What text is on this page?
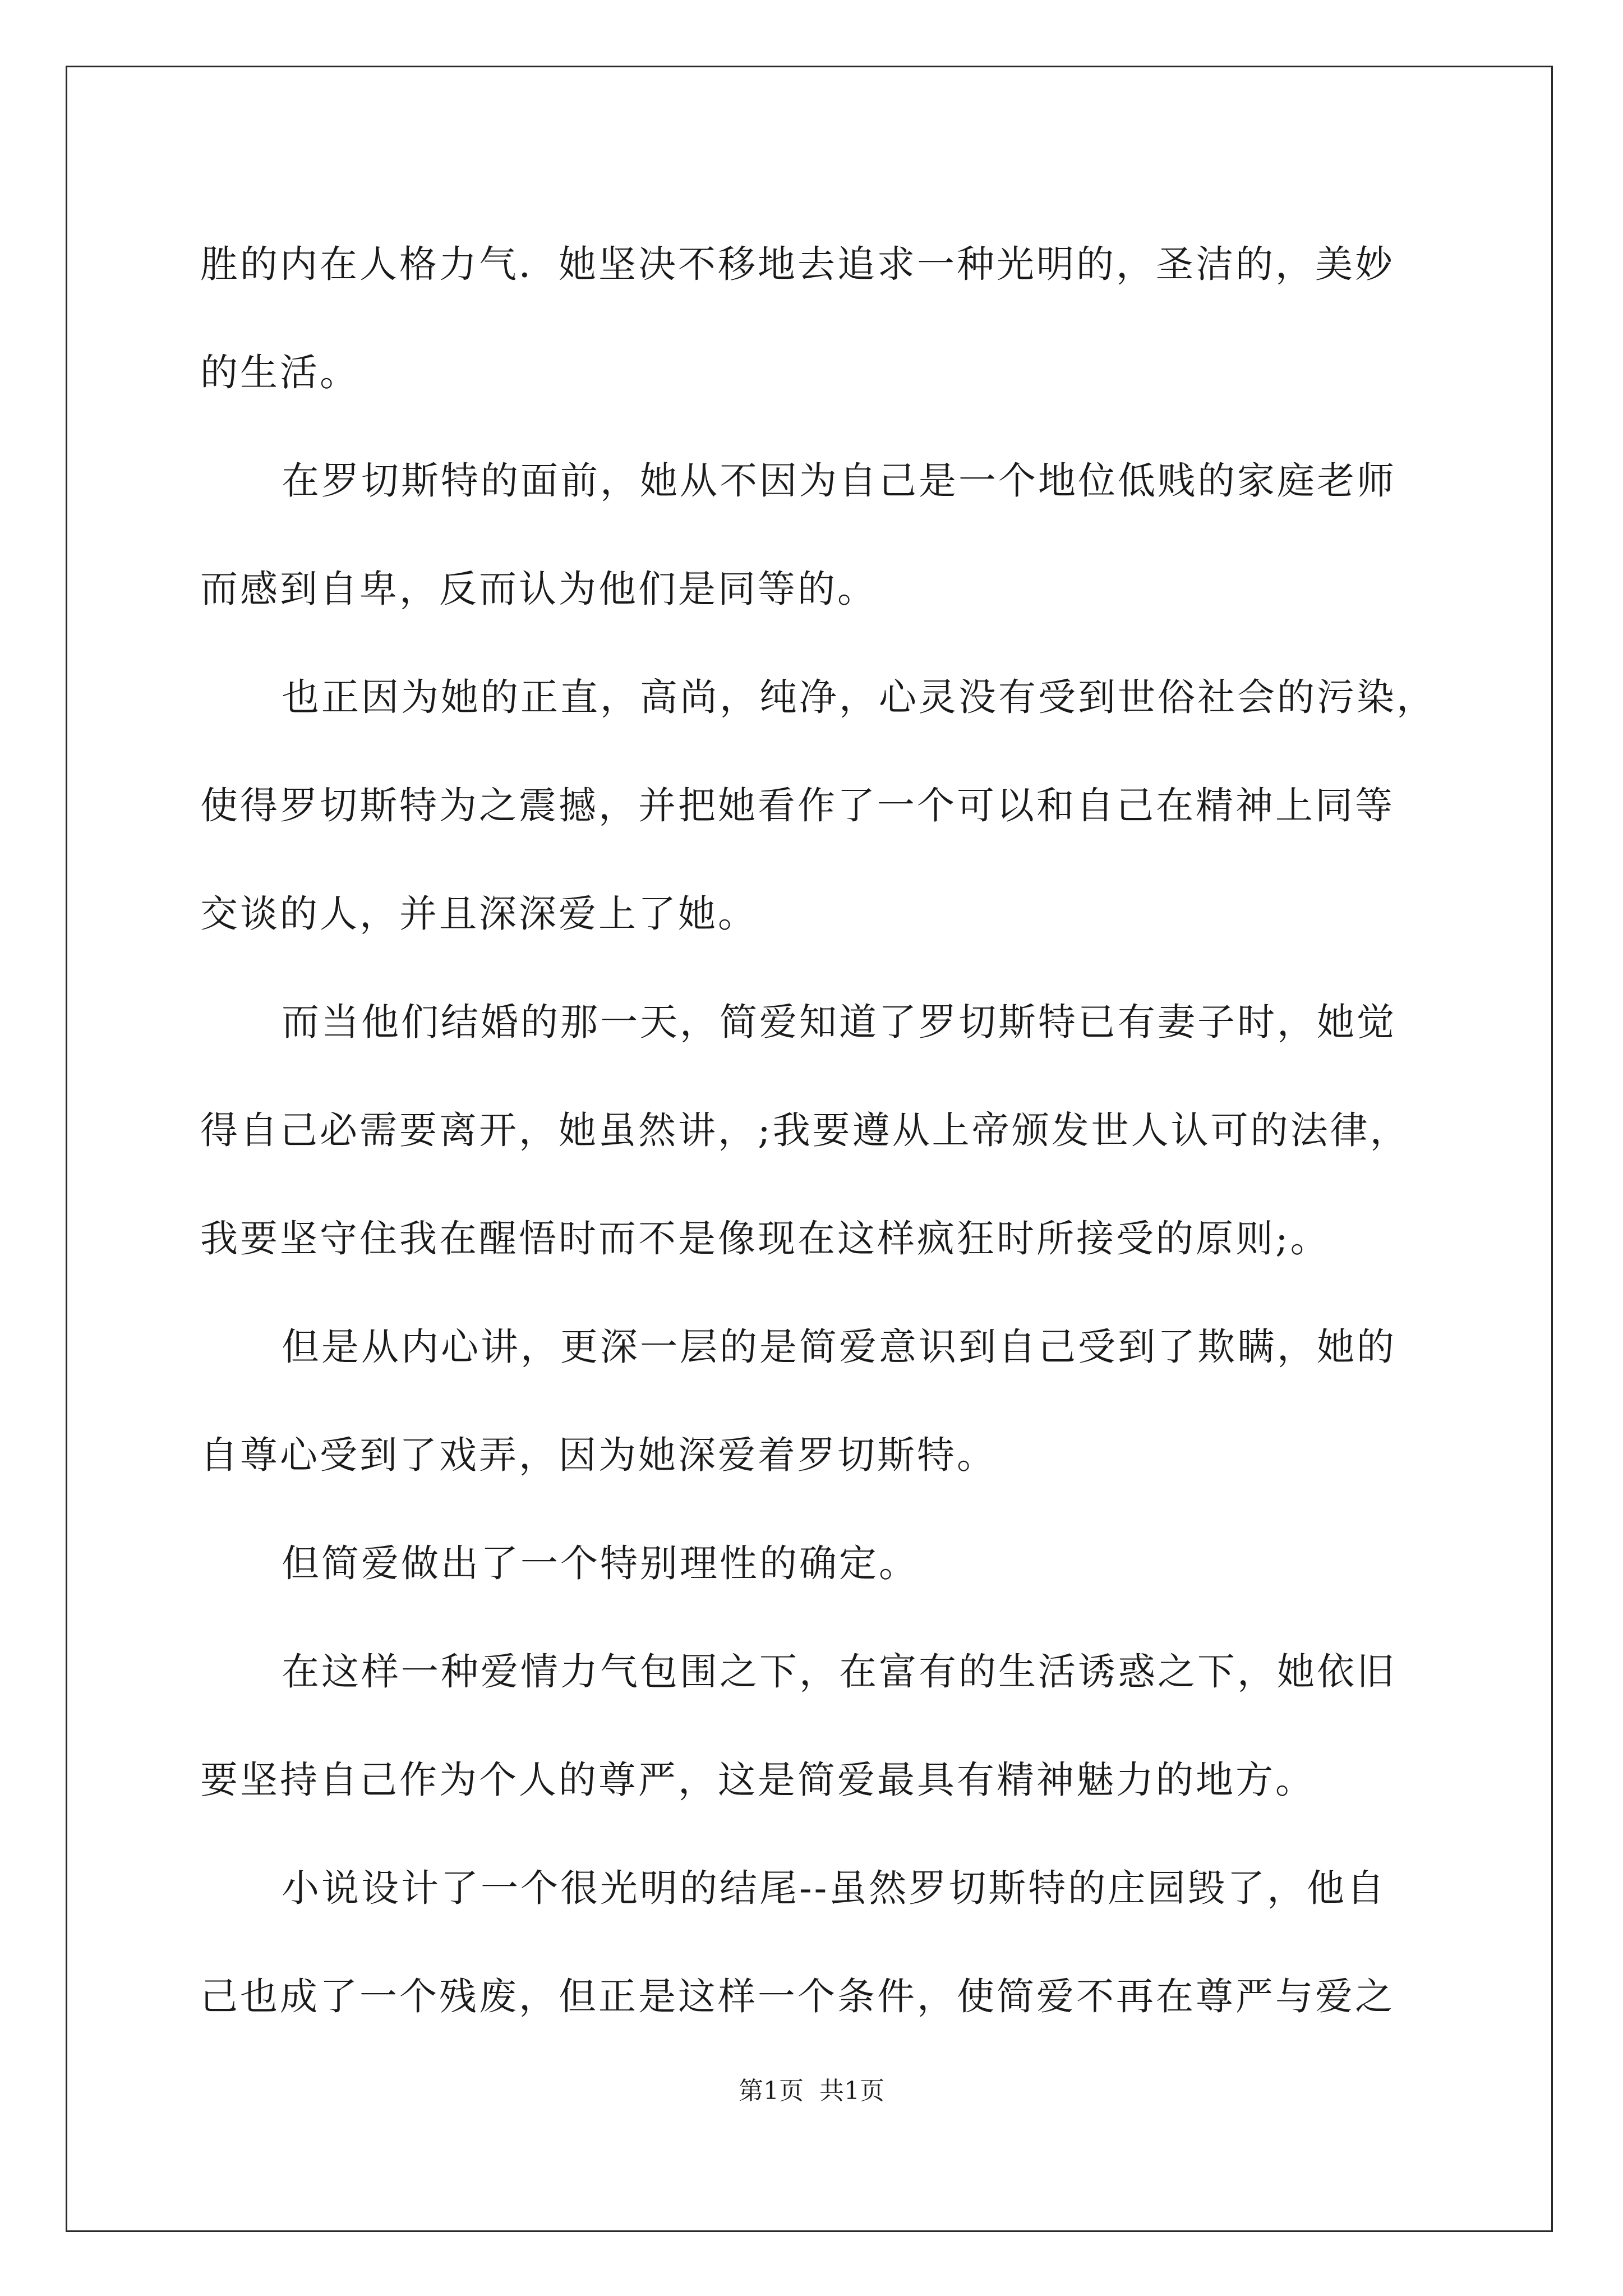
胜的内在人格力气．她坚决不移地去追求一种光明的，圣洁的，美妙
的生活。
在罗切斯特的面前，她从不因为自己是一个地位低贱的家庭老师
而感到自卑，反而认为他们是同等的。
也正因为她的正直，高尚，纯净，心灵没有受到世俗社会的污染，
使得罗切斯特为之震撼，并把她看作了一个可以和自己在精神上同等
交谈的人，并且深深爱上了她。
而当他们结婚的那一天，简爱知道了罗切斯特已有妻子时，她觉
得自己必需要离开，她虽然讲，;我要遵从上帝颁发世人认可的法律，
我要坚守住我在醒悟时而不是像现在这样疯狂时所接受的原则;。
但是从内心讲，更深一层的是简爱意识到自己受到了欺瞒，她的
自尊心受到了戏弄，因为她深爱着罗切斯特。
但简爱做出了一个特别理性的确定。
在这样一种爱情力气包围之下，在富有的生活诱惑之下，她依旧
要坚持自己作为个人的尊严，这是简爱最具有精神魅力的地方。
小说设计了一个很光明的结尾--虽然罗切斯特的庄园毁了，他自
己也成了一个残废，但正是这样一个条件，使简爱不再在尊严与爱之
第1页 共1页
